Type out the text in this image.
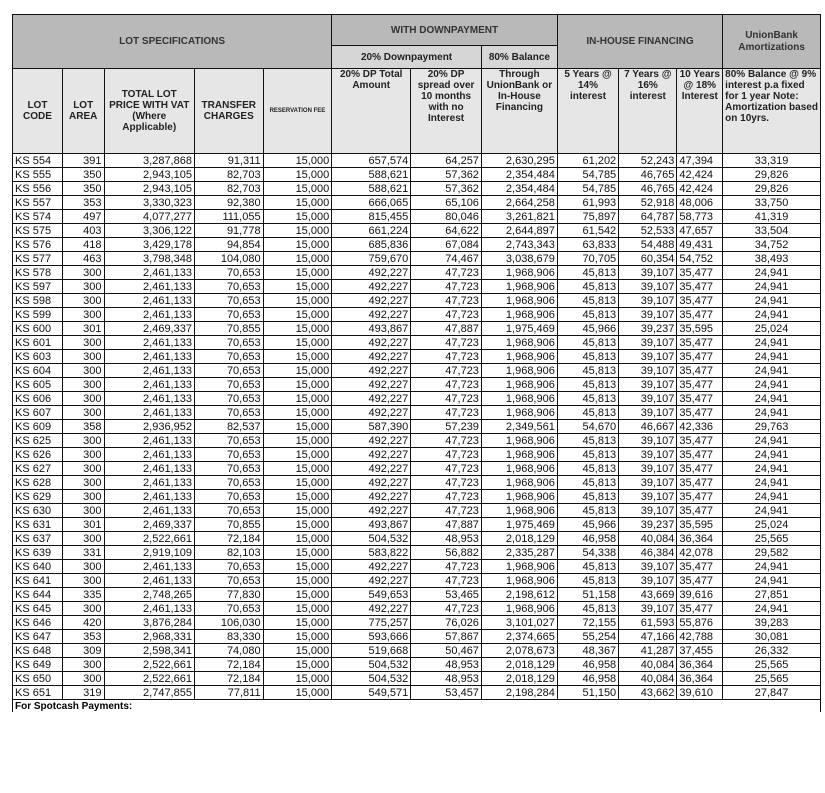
LOT SPECIFICATIONS					WITH DOWNPAYMENT			IN-HOUSE FINANCING			UnionBank Amortizations
					20% Downpayment		80% Balance				
LOT CODE	LOT AREA	TOTAL LOT PRICE WITH VAT (Where Applicable)	TRANSFER CHARGES	RESERVATION FEE	20% DP Total Amount	20% DP spread over 10 months with no Interest	Through UnionBank or In-House Financing	5 Years @ 14% interest	7 Years @ 16% interest	10 Years @ 18% Interest	80% Balance @ 9% interest p.a fixed for 1 year Note: Amortization based on 10yrs.
KS 554	391	3,287,868	91,311	15,000	657,574	64,257	2,630,295	61,202	52,243	47,394	33,319
KS 555	350	2,943,105	82,703	15,000	588,621	57,362	2,354,484	54,785	46,765	42,424	29,826
KS 556	350	2,943,105	82,703	15,000	588,621	57,362	2,354,484	54,785	46,765	42,424	29,826
KS 557	353	3,330,323	92,380	15,000	666,065	65,106	2,664,258	61,993	52,918	48,006	33,750
KS 574	497	4,077,277	111,055	15,000	815,455	80,046	3,261,821	75,897	64,787	58,773	41,319
KS 575	403	3,306,122	91,778	15,000	661,224	64,622	2,644,897	61,542	52,533	47,657	33,504
KS 576	418	3,429,178	94,854	15,000	685,836	67,084	2,743,343	63,833	54,488	49,431	34,752
KS 577	463	3,798,348	104,080	15,000	759,670	74,467	3,038,679	70,705	60,354	54,752	38,493
KS 578	300	2,461,133	70,653	15,000	492,227	47,723	1,968,906	45,813	39,107	35,477	24,941
KS 597	300	2,461,133	70,653	15,000	492,227	47,723	1,968,906	45,813	39,107	35,477	24,941
KS 598	300	2,461,133	70,653	15,000	492,227	47,723	1,968,906	45,813	39,107	35,477	24,941
KS 599	300	2,461,133	70,653	15,000	492,227	47,723	1,968,906	45,813	39,107	35,477	24,941
KS 600	301	2,469,337	70,855	15,000	493,867	47,887	1,975,469	45,966	39,237	35,595	25,024
KS 601	300	2,461,133	70,653	15,000	492,227	47,723	1,968,906	45,813	39,107	35,477	24,941
KS 603	300	2,461,133	70,653	15,000	492,227	47,723	1,968,906	45,813	39,107	35,477	24,941
KS 604	300	2,461,133	70,653	15,000	492,227	47,723	1,968,906	45,813	39,107	35,477	24,941
KS 605	300	2,461,133	70,653	15,000	492,227	47,723	1,968,906	45,813	39,107	35,477	24,941
KS 606	300	2,461,133	70,653	15,000	492,227	47,723	1,968,906	45,813	39,107	35,477	24,941
KS 607	300	2,461,133	70,653	15,000	492,227	47,723	1,968,906	45,813	39,107	35,477	24,941
KS 609	358	2,936,952	82,537	15,000	587,390	57,239	2,349,561	54,670	46,667	42,336	29,763
KS 625	300	2,461,133	70,653	15,000	492,227	47,723	1,968,906	45,813	39,107	35,477	24,941
KS 626	300	2,461,133	70,653	15,000	492,227	47,723	1,968,906	45,813	39,107	35,477	24,941
KS 627	300	2,461,133	70,653	15,000	492,227	47,723	1,968,906	45,813	39,107	35,477	24,941
KS 628	300	2,461,133	70,653	15,000	492,227	47,723	1,968,906	45,813	39,107	35,477	24,941
KS 629	300	2,461,133	70,653	15,000	492,227	47,723	1,968,906	45,813	39,107	35,477	24,941
KS 630	300	2,461,133	70,653	15,000	492,227	47,723	1,968,906	45,813	39,107	35,477	24,941
KS 631	301	2,469,337	70,855	15,000	493,867	47,887	1,975,469	45,966	39,237	35,595	25,024
KS 637	300	2,522,661	72,184	15,000	504,532	48,953	2,018,129	46,958	40,084	36,364	25,565
KS 639	331	2,919,109	82,103	15,000	583,822	56,882	2,335,287	54,338	46,384	42,078	29,582
KS 640	300	2,461,133	70,653	15,000	492,227	47,723	1,968,906	45,813	39,107	35,477	24,941
KS 641	300	2,461,133	70,653	15,000	492,227	47,723	1,968,906	45,813	39,107	35,477	24,941
KS 644	335	2,748,265	77,830	15,000	549,653	53,465	2,198,612	51,158	43,669	39,616	27,851
KS 645	300	2,461,133	70,653	15,000	492,227	47,723	1,968,906	45,813	39,107	35,477	24,941
KS 646	420	3,876,284	106,030	15,000	775,257	76,026	3,101,027	72,155	61,593	55,876	39,283
KS 647	353	2,968,331	83,330	15,000	593,666	57,867	2,374,665	55,254	47,166	42,788	30,081
KS 648	309	2,598,341	74,080	15,000	519,668	50,467	2,078,673	48,367	41,287	37,455	26,332
KS 649	300	2,522,661	72,184	15,000	504,532	48,953	2,018,129	46,958	40,084	36,364	25,565
KS 650	300	2,522,661	72,184	15,000	504,532	48,953	2,018,129	46,958	40,084	36,364	25,565
KS 651	319	2,747,855	77,811	15,000	549,571	53,457	2,198,284	51,150	43,662	39,610	27,847
For Spotcash Payments:											
